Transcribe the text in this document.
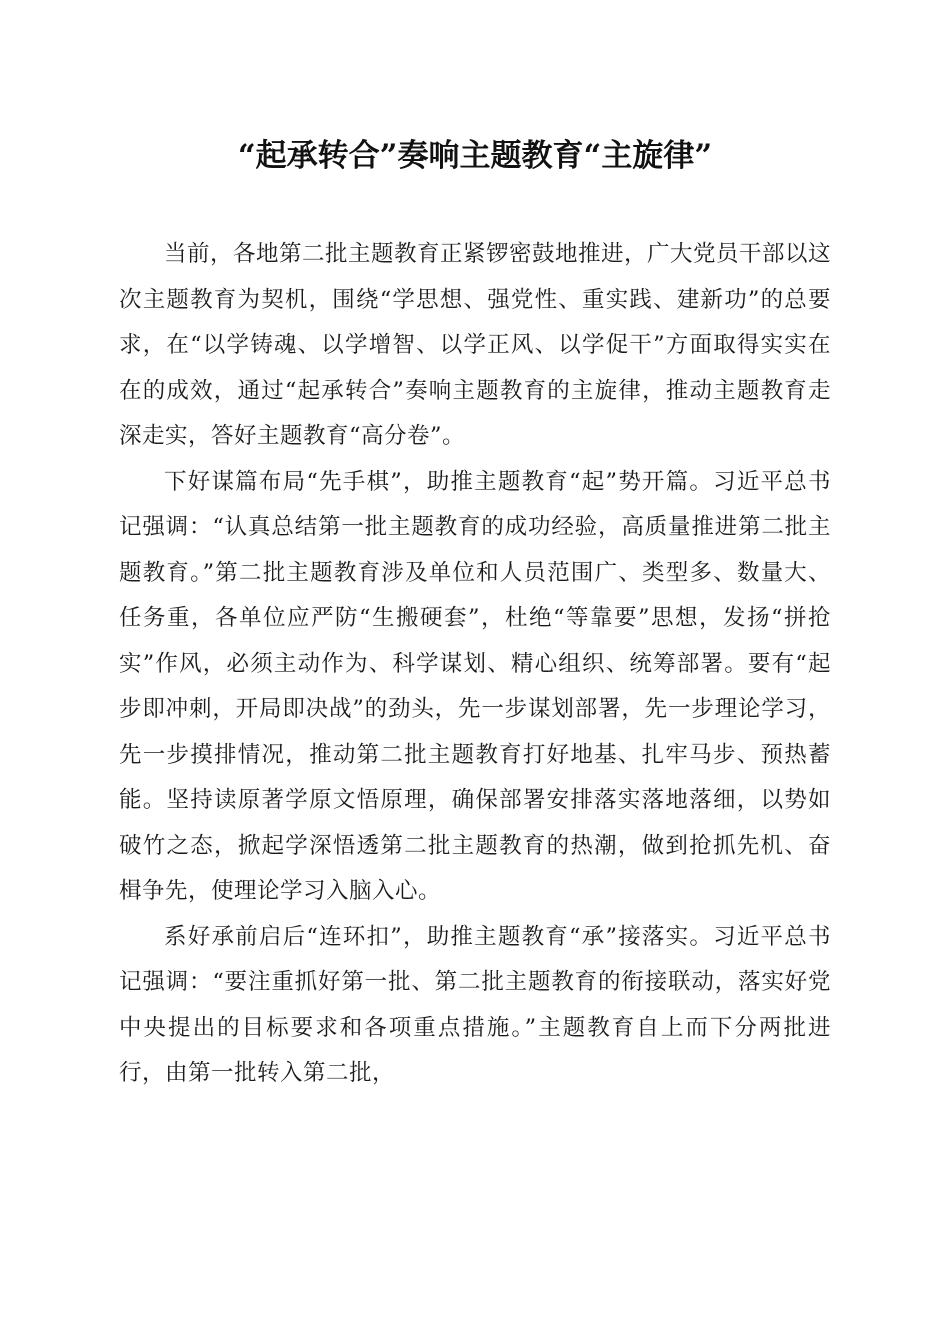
“起承转合”奏响主题教育“主旋律”

当前，各地第二批主题教育正紧锣密鼓地推进，广大党员干部以这次主题教育为契机，围绕“学思想、强党性、重实践、建新功”的总要求，在“以学铸魂、以学增智、以学正风、以学促干”方面取得实实在在的成效，通过“起承转合”奏响主题教育的主旋律，推动主题教育走深走实，答好主题教育“高分卷”。

下好谋篇布局“先手棋”，助推主题教育“起”势开篇。习近平总书记强调：“认真总结第一批主题教育的成功经验，高质量推进第二批主题教育。”第二批主题教育涉及单位和人员范围广、类型多、数量大、任务重，各单位应严防“生搬硬套”，杜绝“等靠要”思想，发扬“拼抢实”作风，必须主动作为、科学谋划、精心组织、统筹部署。要有“起步即冲刺，开局即决战”的劲头，先一步谋划部署，先一步理论学习，先一步摸排情况，推动第二批主题教育打好地基、扎牢马步、预热蓄能。坚持读原著学原文悟原理，确保部署安排落实落地落细，以势如破竹之态，掀起学深悟透第二批主题教育的热潮，做到抢抓先机、奋楫争先，使理论学习入脑入心。

系好承前启后“连环扣”，助推主题教育“承”接落实。习近平总书记强调：“要注重抓好第一批、第二批主题教育的衔接联动，落实好党中央提出的目标要求和各项重点措施。”主题教育自上而下分两批进行，由第一批转入第二批，
